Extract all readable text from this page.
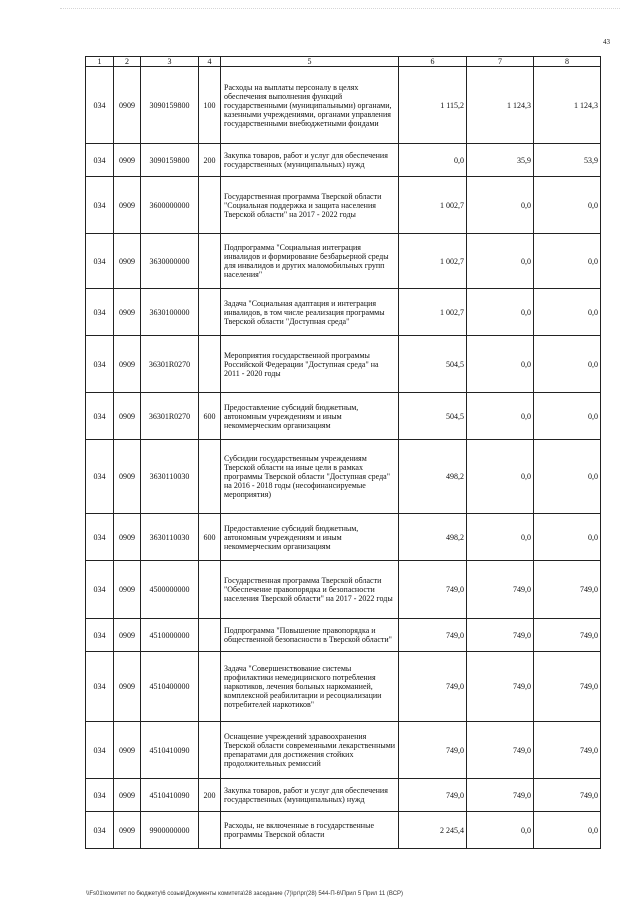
43
1	2	3	4	5	6	7	8
034	0909	3090159800	100	Расходы на выплаты персоналу в целях обеспечения выполнения функций государственными (муниципальными) органами, казенными учреждениями, органами управления государственными внебюджетными фондами	1 115,2	1 124,3	1 124,3
034	0909	3090159800	200	Закупка товаров, работ и услуг для обеспечения государственных (муниципальных) нужд	0,0	35,9	53,9
034	0909	3600000000		Государственная программа Тверской области "Социальная поддержка и защита населения Тверской области" на 2017 - 2022 годы	1 002,7	0,0	0,0
034	0909	3630000000		Подпрограмма "Социальная интеграция инвалидов и формирование безбарьерной среды для инвалидов и других маломобильных групп населения"	1 002,7	0,0	0,0
034	0909	3630100000		Задача "Социальная адаптация и интеграция инвалидов, в том числе реализация программы Тверской области "Доступная среда"	1 002,7	0,0	0,0
034	0909	36301R0270		Мероприятия государственной программы Российской Федерации "Доступная среда" на 2011 - 2020 годы	504,5	0,0	0,0
034	0909	36301R0270	600	Предоставление субсидий бюджетным, автономным учреждениям и иным некоммерческим организациям	504,5	0,0	0,0
034	0909	3630110030		Субсидии государственным учреждениям Тверской области на иные цели в рамках программы Тверской области "Доступная среда" на 2016 - 2018 годы (несофинансируемые мероприятия)	498,2	0,0	0,0
034	0909	3630110030	600	Предоставление субсидий бюджетным, автономным учреждениям и иным некоммерческим организациям	498,2	0,0	0,0
034	0909	4500000000		Государственная программа Тверской области "Обеспечение правопорядка и безопасности населения Тверской области" на 2017 - 2022 годы	749,0	749,0	749,0
034	0909	4510000000		Подпрограмма "Повышение правопорядка и общественной безопасности в Тверской области"	749,0	749,0	749,0
034	0909	4510400000		Задача "Совершенствование системы профилактики немедицинского потребления наркотиков, лечения больных наркоманией, комплексной реабилитации и ресоциализации потребителей наркотиков"	749,0	749,0	749,0
034	0909	4510410090		Оснащение учреждений здравоохранения Тверской области современными лекарственными препаратами для достижения стойких продолжительных ремиссий	749,0	749,0	749,0
034	0909	4510410090	200	Закупка товаров, работ и услуг для обеспечения государственных (муниципальных) нужд	749,0	749,0	749,0
034	0909	9900000000		Расходы, не включенные в государственные программы Тверской области	2 245,4	0,0	0,0
\\Fs01\комитет по бюджету\6 созыв\Документы комитета\28 заседание (7)\рг\рг(28) 544-П-6\Прил 5 Прил 11 (ВСР)
